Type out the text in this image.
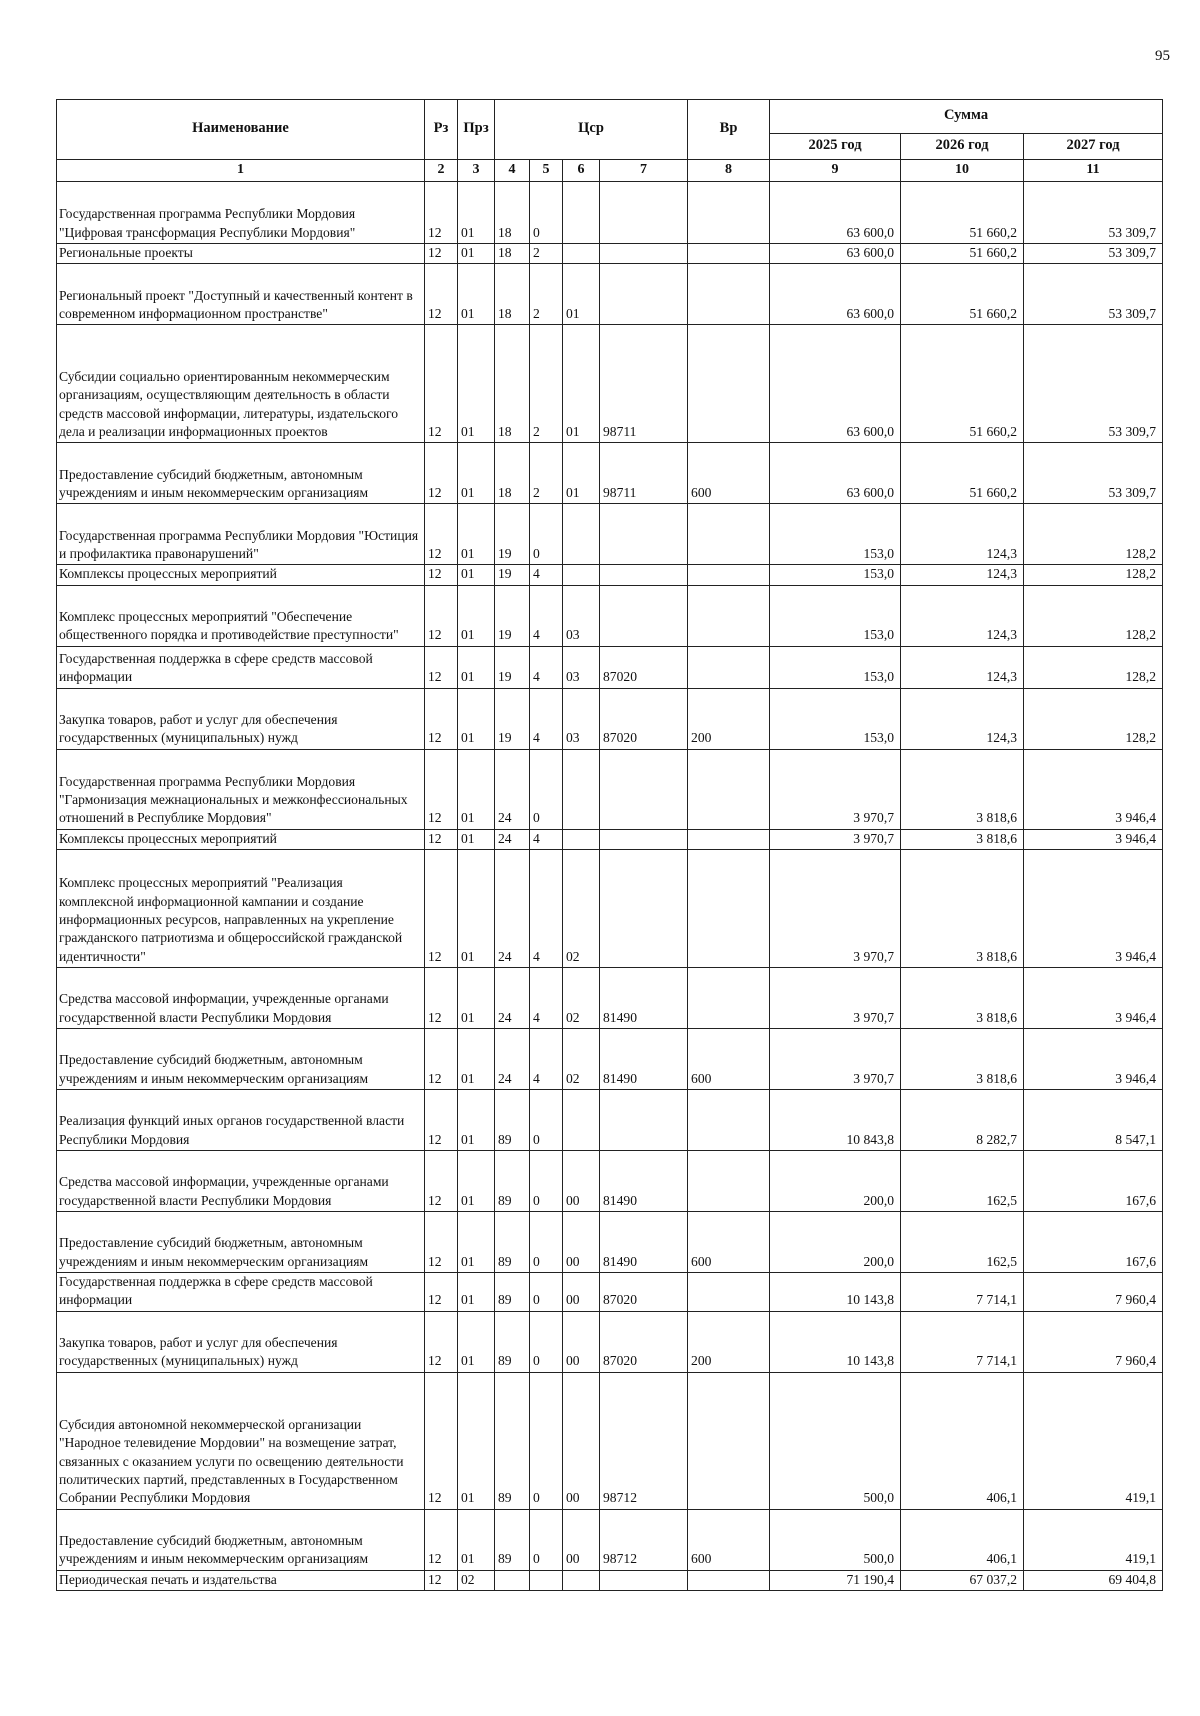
95
Наименование	Рз	Прз	Цср				Вр	Сумма		
								2025 год	2026 год	2027 год
1	2	3	4	5	6	7	8	9	10	11
Государственная программа Республики Мордовия "Цифровая трансформация Республики Мордовия"	12	01	18	0				63 600,0	51 660,2	53 309,7
Региональные проекты	12	01	18	2				63 600,0	51 660,2	53 309,7
Региональный проект "Доступный и качественный контент в современном информационном пространстве"	12	01	18	2	01			63 600,0	51 660,2	53 309,7
Субсидии социально ориентированным некоммерческим организациям, осуществляющим деятельность в области средств массовой информации, литературы, издательского дела и реализации информационных проектов	12	01	18	2	01	98711		63 600,0	51 660,2	53 309,7
Предоставление субсидий бюджетным, автономным учреждениям и иным некоммерческим организациям	12	01	18	2	01	98711	600	63 600,0	51 660,2	53 309,7
Государственная программа Республики Мордовия "Юстиция и профилактика правонарушений"	12	01	19	0				153,0	124,3	128,2
Комплексы процессных мероприятий	12	01	19	4				153,0	124,3	128,2
Комплекс процессных мероприятий "Обеспечение общественного порядка и противодействие преступности"	12	01	19	4	03			153,0	124,3	128,2
Государственная поддержка в сфере средств массовой информации	12	01	19	4	03	87020		153,0	124,3	128,2
Закупка товаров, работ и услуг для обеспечения государственных (муниципальных) нужд	12	01	19	4	03	87020	200	153,0	124,3	128,2
Государственная программа Республики Мордовия "Гармонизация межнациональных и межконфессиональных отношений в Республике Мордовия"	12	01	24	0				3 970,7	3 818,6	3 946,4
Комплексы процессных мероприятий	12	01	24	4				3 970,7	3 818,6	3 946,4
Комплекс процессных мероприятий "Реализация комплексной информационной кампании и создание информационных ресурсов, направленных на укрепление гражданского патриотизма и общероссийской гражданской идентичности"	12	01	24	4	02			3 970,7	3 818,6	3 946,4
Средства массовой информации, учрежденные органами государственной власти Республики Мордовия	12	01	24	4	02	81490		3 970,7	3 818,6	3 946,4
Предоставление субсидий бюджетным, автономным учреждениям и иным некоммерческим организациям	12	01	24	4	02	81490	600	3 970,7	3 818,6	3 946,4
Реализация функций иных органов государственной власти Республики Мордовия	12	01	89	0				10 843,8	8 282,7	8 547,1
Средства массовой информации, учрежденные органами государственной власти Республики Мордовия	12	01	89	0	00	81490		200,0	162,5	167,6
Предоставление субсидий бюджетным, автономным учреждениям и иным некоммерческим организациям	12	01	89	0	00	81490	600	200,0	162,5	167,6
Государственная поддержка в сфере средств массовой информации	12	01	89	0	00	87020		10 143,8	7 714,1	7 960,4
Закупка товаров, работ и услуг для обеспечения государственных (муниципальных) нужд	12	01	89	0	00	87020	200	10 143,8	7 714,1	7 960,4
Субсидия автономной некоммерческой организации "Народное телевидение Мордовии" на возмещение затрат, связанных с оказанием услуги по освещению деятельности политических партий, представленных в Государственном Собрании Республики Мордовия	12	01	89	0	00	98712		500,0	406,1	419,1
Предоставление субсидий бюджетным, автономным учреждениям и иным некоммерческим организациям	12	01	89	0	00	98712	600	500,0	406,1	419,1
Периодическая печать и издательства	12	02						71 190,4	67 037,2	69 404,8
